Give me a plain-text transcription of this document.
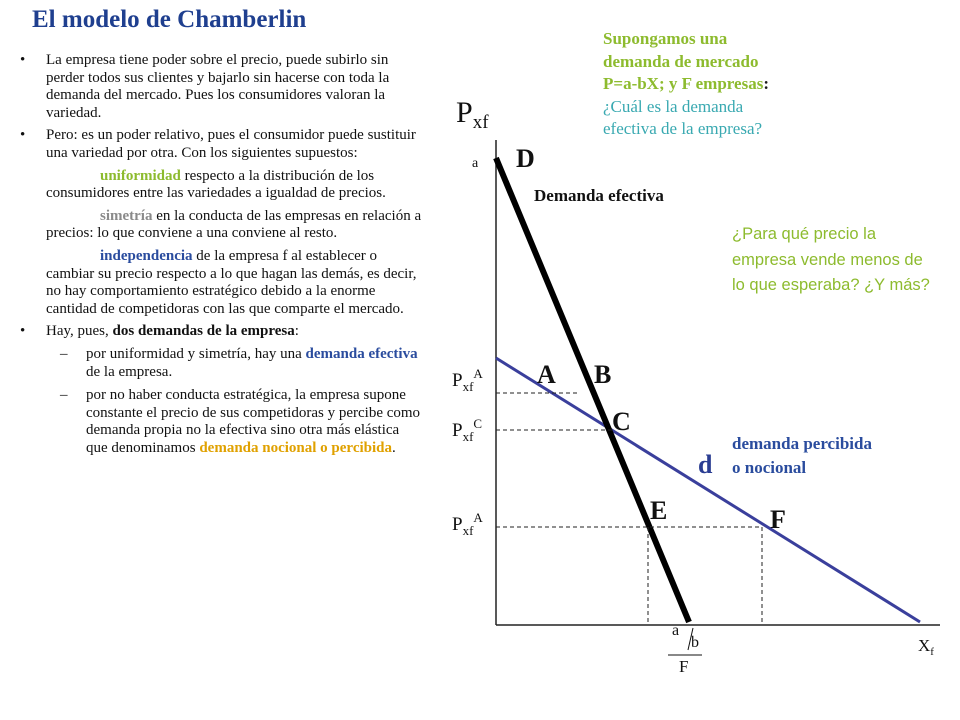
El modelo de Chamberlin
• La empresa tiene poder sobre el precio, puede subirlo sin perder todos sus clientes y bajarlo sin hacerse con toda la demanda del mercado. Pues los consumidores valoran la variedad.
• Pero: es un poder relativo, pues el consumidor puede sustituir una variedad por otra. Con los siguientes supuestos:
uniformidad respecto a la distribución de los consumidores entre las variedades a igualdad de precios.
simetría en la conducta de las empresas en relación a precios: lo que conviene a una conviene al resto.
independencia de la empresa f al establecer o cambiar su precio respecto a lo que hagan las demás, es decir, no hay comportamiento estratégico debido a la enorme cantidad de competidoras con las que comparte el mercado.
• Hay, pues, dos demandas de la empresa:
– por uniformidad y simetría, hay una demanda efectiva de la empresa.
– por no haber conducta estratégica, la empresa supone constante el precio de sus competidoras y percibe como demanda propia no la efectiva sino otra más elástica que denominamos demanda nocional o percibida.
Supongamos una
demanda de mercado
P=a-bX; y F empresas:
¿Cuál es la demanda
efectiva de la empresa?
¿Para qué precio la empresa vende menos de lo que esperaba? ¿Y más?
$P_{xf}$
a D
Demanda efectiva
A B
C
d
E	F
$P_{xf}^A$
$P_{xf}^C$
$P_{xf}^A$
demanda percibida
o nocional
$X_f$
a
b
F
